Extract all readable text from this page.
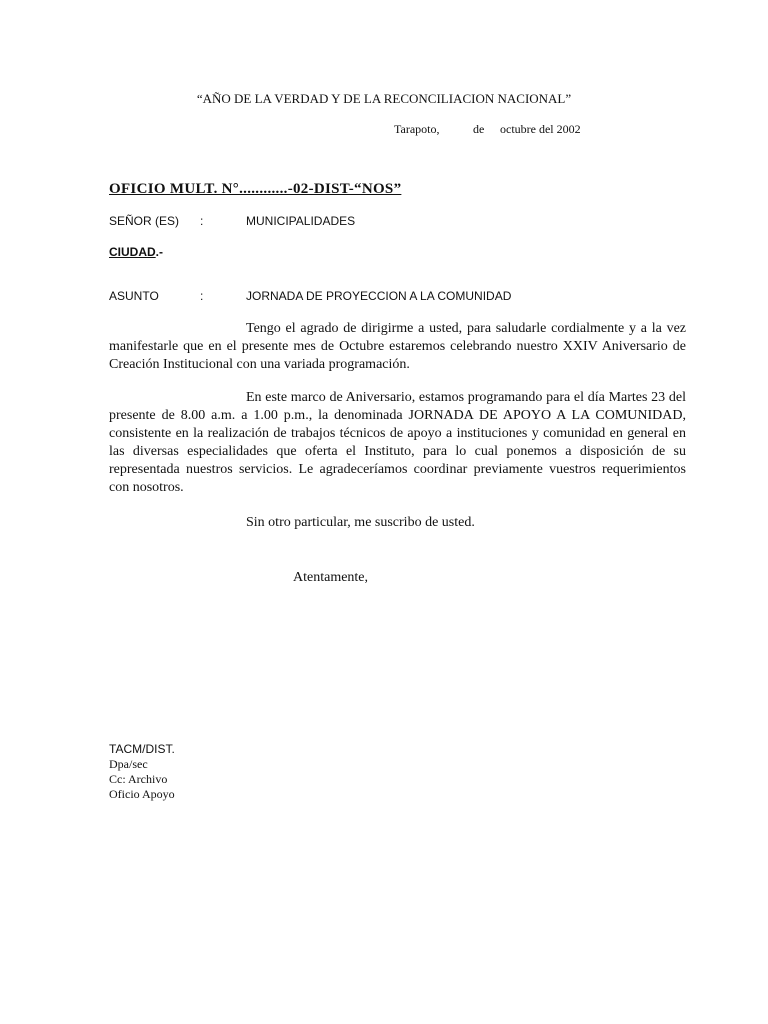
“AÑO DE LA VERDAD Y DE LA RECONCILIACION NACIONAL”
Tarapoto,	de octubre del 2002
OFICIO MULT. N°............-02-DIST-“NOS”
SEÑOR (ES) :	MUNICIPALIDADES
CIUDAD.-
ASUNTO	:	JORNADA DE PROYECCION A LA COMUNIDAD
Tengo el agrado de dirigirme a usted, para saludarle cordialmente y a la vez manifestarle que en el presente mes de Octubre estaremos celebrando nuestro XXIV Aniversario de Creación Institucional con una variada programación.
En este marco de Aniversario, estamos programando para el día Martes 23 del presente de 8.00 a.m. a 1.00 p.m., la denominada JORNADA DE APOYO A LA COMUNIDAD, consistente en la realización de trabajos técnicos de apoyo a instituciones y comunidad en general en las diversas especialidades que oferta el Instituto, para lo cual ponemos a disposición de su representada nuestros servicios. Le agradeceríamos coordinar previamente vuestros requerimientos con nosotros.
Sin otro particular, me suscribo de usted.
Atentamente,
TACM/DIST.
Dpa/sec
Cc: Archivo
Oficio Apoyo
